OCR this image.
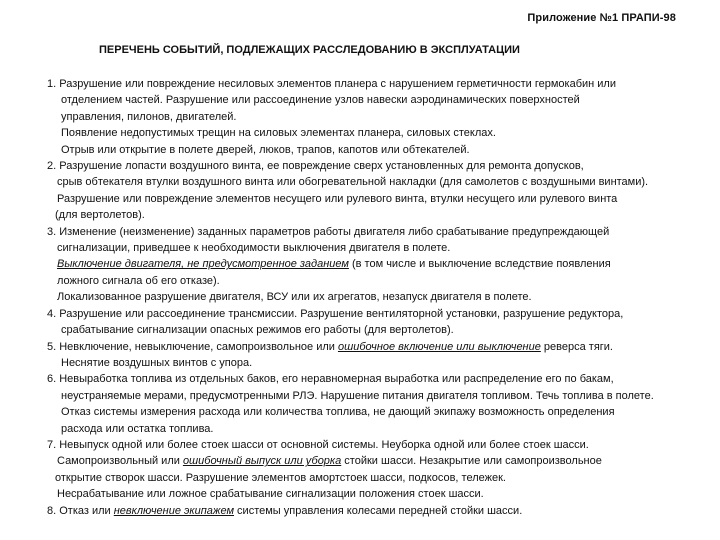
Приложение №1 ПРАПИ-98
ПЕРЕЧЕНЬ СОБЫТИЙ, ПОДЛЕЖАЩИХ РАССЛЕДОВАНИЮ В ЭКСПЛУАТАЦИИ
1. Разрушение или повреждение несиловых элементов планера с нарушением герметичности гермокабин или
отделением частей. Разрушение или рассоединение узлов навески аэродинамических поверхностей
управления, пилонов, двигателей.
Появление недопустимых трещин на силовых элементах планера, силовых стеклах.
Отрыв или открытие в полете дверей, люков, трапов, капотов или обтекателей.
2. Разрушение лопасти воздушного винта, ее повреждение сверх установленных для ремонта допусков,
срыв обтекателя втулки воздушного винта или обогревательной накладки (для самолетов с воздушными винтами).
Разрушение или повреждение элементов несущего или рулевого винта, втулки несущего или рулевого винта
(для вертолетов).
3. Изменение (неизменение) заданных параметров работы двигателя либо срабатывание предупреждающей
сигнализации, приведшее к необходимости выключения двигателя в полете.
Выключение двигателя, не предусмотренное заданием (в том числе и выключение вследствие появления
ложного сигнала об его отказе).
Локализованное разрушение двигателя, ВСУ или их агрегатов, незапуск двигателя в полете.
4. Разрушение или рассоединение трансмиссии. Разрушение вентиляторной установки, разрушение редуктора,
срабатывание сигнализации опасных режимов его работы (для вертолетов).
5. Невключение, невыключение, самопроизвольное или ошибочное включение или выключение реверса тяги.
Неснятие воздушных винтов с упора.
6. Невыработка топлива из отдельных баков, его неравномерная выработка или распределение его по бакам,
неустраняемые мерами, предусмотренными РЛЭ. Нарушение питания двигателя топливом. Течь топлива в полете.
Отказ системы измерения расхода или количества топлива, не дающий экипажу возможность определения
расхода или остатка топлива.
7. Невыпуск одной или более стоек шасси от основной системы. Неуборка одной или более стоек шасси.
Самопроизвольный или ошибочный выпуск или уборка стойки шасси. Незакрытие или самопроизвольное
открытие створок шасси. Разрушение элементов амортстоек шасси, подкосов, тележек.
Несрабатывание или ложное срабатывание сигнализации положения стоек шасси.
8. Отказ или невключение экипажем системы управления колесами передней стойки шасси.
